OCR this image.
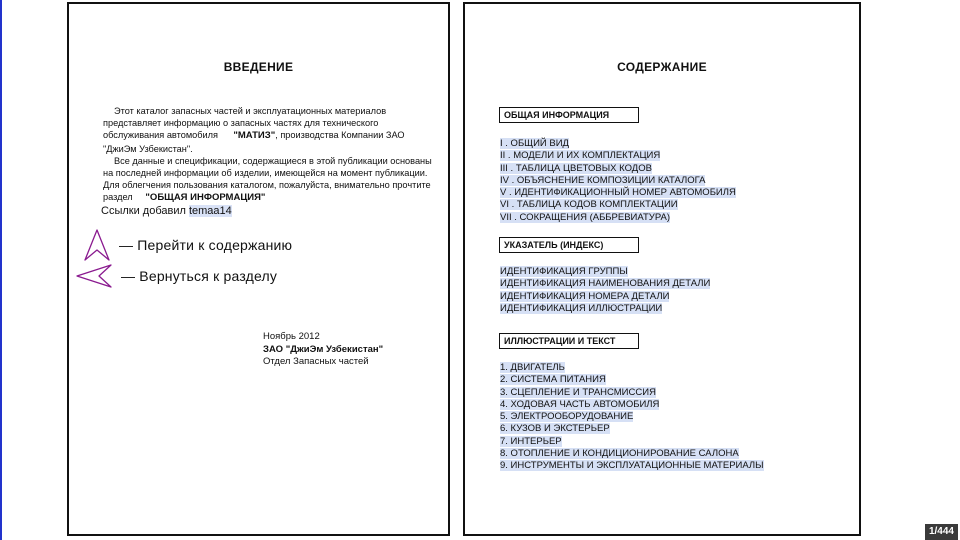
ВВЕДЕНИЕ

Этот каталог запасных частей и эксплуатационных материалов представляет информацию о запасных частях для технического обслуживания автомобиля "МАТИЗ", производства Компании ЗАО "ДжиЭм Узбекистан".

Все данные и спецификации, содержащиеся в этой публикации основаны на последней информации об изделии, имеющейся на момент публикации. Для облегчения пользования каталогом, пожалуйста, внимательно прочтите раздел "ОБЩАЯ ИНФОРМАЦИЯ"

Ссылки добавил temaa14
— Перейти к содержанию
— Вернуться к разделу
Ноябрь 2012
ЗАО "ДжиЭм Узбекистан"
Отдел Запасных частей
СОДЕРЖАНИЕ
ОБЩАЯ ИНФОРМАЦИЯ
I . ОБЩИЙ ВИД
II . МОДЕЛИ И ИХ КОМПЛЕКТАЦИЯ
III . ТАБЛИЦА ЦВЕТОВЫХ КОДОВ
IV . ОБЪЯСНЕНИЕ КОМПОЗИЦИИ КАТАЛОГА
V . ИДЕНТИФИКАЦИОННЫЙ НОМЕР АВТОМОБИЛЯ
VI . ТАБЛИЦА КОДОВ КОМПЛЕКТАЦИИ
VII . СОКРАЩЕНИЯ (АББРЕВИАТУРА)
УКАЗАТЕЛЬ (ИНДЕКС)
ИДЕНТИФИКАЦИЯ ГРУППЫ
ИДЕНТИФИКАЦИЯ НАИМЕНОВАНИЯ ДЕТАЛИ
ИДЕНТИФИКАЦИЯ НОМЕРА ДЕТАЛИ
ИДЕНТИФИКАЦИЯ ИЛЛЮСТРАЦИИ
ИЛЛЮСТРАЦИИ И ТЕКСТ
1. ДВИГАТЕЛЬ
2. СИСТЕМА ПИТАНИЯ
3. СЦЕПЛЕНИЕ И ТРАНСМИССИЯ
4. ХОДОВАЯ ЧАСТЬ АВТОМОБИЛЯ
5. ЭЛЕКТРООБОРУДОВАНИЕ
6. КУЗОВ И ЭКСТЕРЬЕР
7. ИНТЕРЬЕР
8. ОТОПЛЕНИЕ И КОНДИЦИОНИРОВАНИЕ САЛОНА
9. ИНСТРУМЕНТЫ И ЭКСПЛУАТАЦИОННЫЕ МАТЕРИАЛЫ
1/444
